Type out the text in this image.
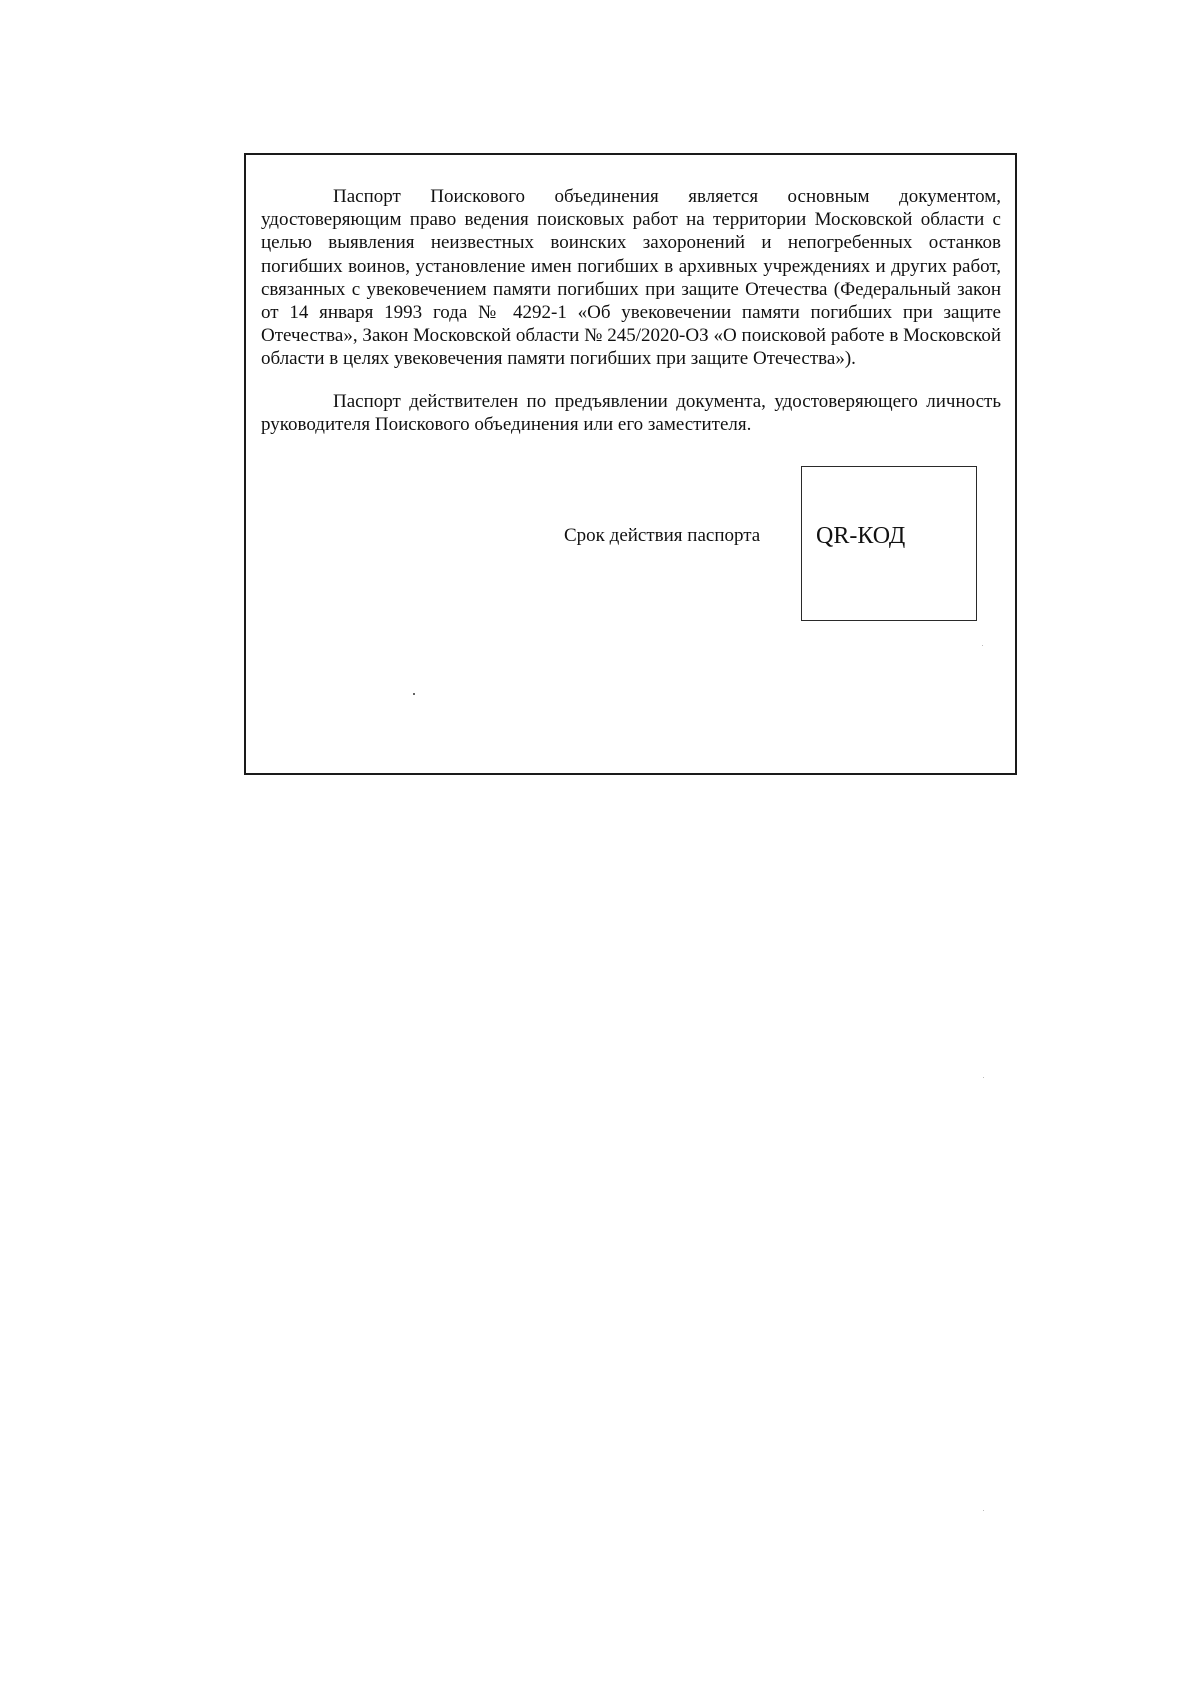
Паспорт Поискового объединения является основным документом, удостоверяющим право ведения поисковых работ на территории Московской области с целью выявления неизвестных воинских захоронений и непогребенных останков погибших воинов, установление имен погибших в архивных учреждениях и других работ, связанных с увековечением памяти погибших при защите Отечества (Федеральный закон от 14 января 1993 года № 4292-1 «Об увековечении памяти погибших при защите Отечества», Закон Московской области № 245/2020-ОЗ «О поисковой работе в Московской области в целях увековечения памяти погибших при защите Отечества»).

Паспорт действителен по предъявлении документа, удостоверяющего личность руководителя Поискового объединения или его заместителя.

Срок действия паспорта QR-КОД
